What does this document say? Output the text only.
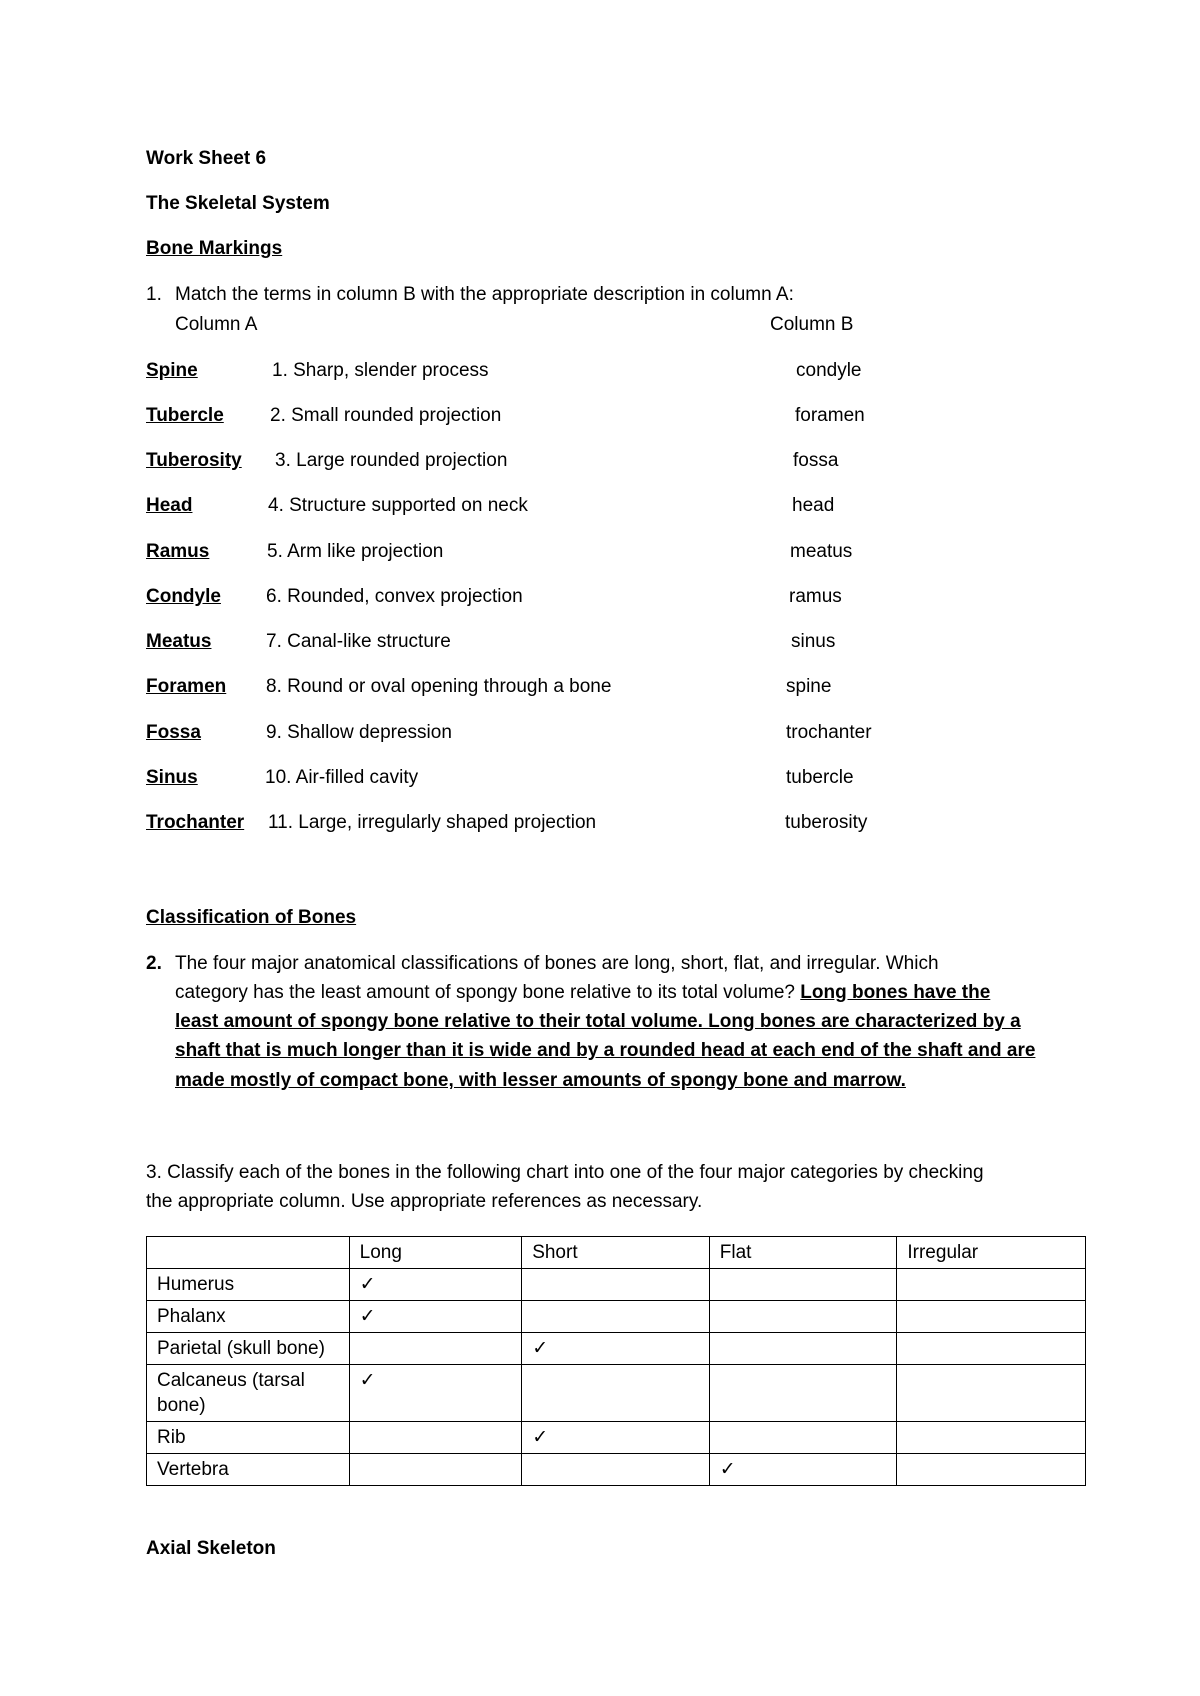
Work Sheet 6
The Skeletal System
Bone Markings
1. Match the terms in column B with the appropriate description in column A:
Column A	Column B
Spine	1. Sharp, slender process	condyle
Tubercle 2. Small rounded projection	foramen
Tuberosity 3. Large rounded projection	fossa
Head	4. Structure supported on neck	head
Ramus	5. Arm like projection	meatus
Condyle 6. Rounded, convex projection	ramus
Meatus	7. Canal-like structure	sinus
Foramen 8. Round or oval opening through a bone	spine
Fossa	9. Shallow depression	trochanter
Sinus	10. Air-filled cavity	tubercle
Trochanter 11. Large, irregularly shaped projection	tuberosity
Classification of Bones
2. The four major anatomical classifications of bones are long, short, flat, and irregular. Which
category has the least amount of spongy bone relative to its total volume? Long bones have the
least amount of spongy bone relative to their total volume. Long bones are characterized by a
shaft that is much longer than it is wide and by a rounded head at each end of the shaft and are
made mostly of compact bone, with lesser amounts of spongy bone and marrow.
3. Classify each of the bones in the following chart into one of the four major categories by checking
the appropriate column. Use appropriate references as necessary.
	Long	Short	Flat	Irregular
Humerus	✓			
Phalanx	✓			
Parietal (skull bone)		✓		
Calcaneus (tarsal bone)	✓			
Rib		✓		
Vertebra			✓	
Axial Skeleton
